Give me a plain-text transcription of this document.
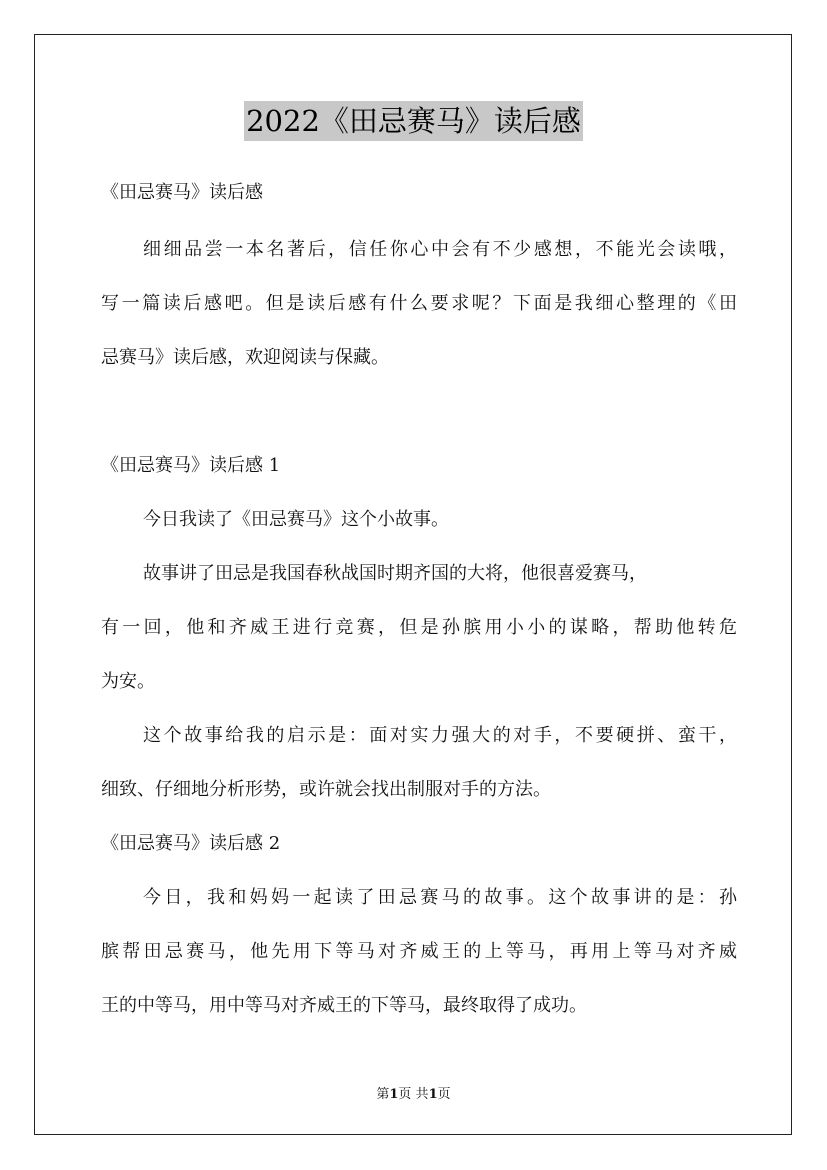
2022《田忌赛马》读后感
《田忌赛马》读后感
细细品尝一本名著后，信任你心中会有不少感想，不能光会读哦，
写一篇读后感吧。但是读后感有什么要求呢？下面是我细心整理的《田
忌赛马》读后感，欢迎阅读与保藏。
《田忌赛马》读后感 1
今日我读了《田忌赛马》这个小故事。
故事讲了田忌是我国春秋战国时期齐国的大将，他很喜爱赛马，
有一回，他和齐威王进行竞赛，但是孙膑用小小的谋略，帮助他转危
为安。
这个故事给我的启示是：面对实力强大的对手，不要硬拼、蛮干，
细致、仔细地分析形势，或许就会找出制服对手的方法。
《田忌赛马》读后感 2
今日，我和妈妈一起读了田忌赛马的故事。这个故事讲的是：孙
膑帮田忌赛马，他先用下等马对齐威王的上等马，再用上等马对齐威
王的中等马，用中等马对齐威王的下等马，最终取得了成功。
第1页 共1页
